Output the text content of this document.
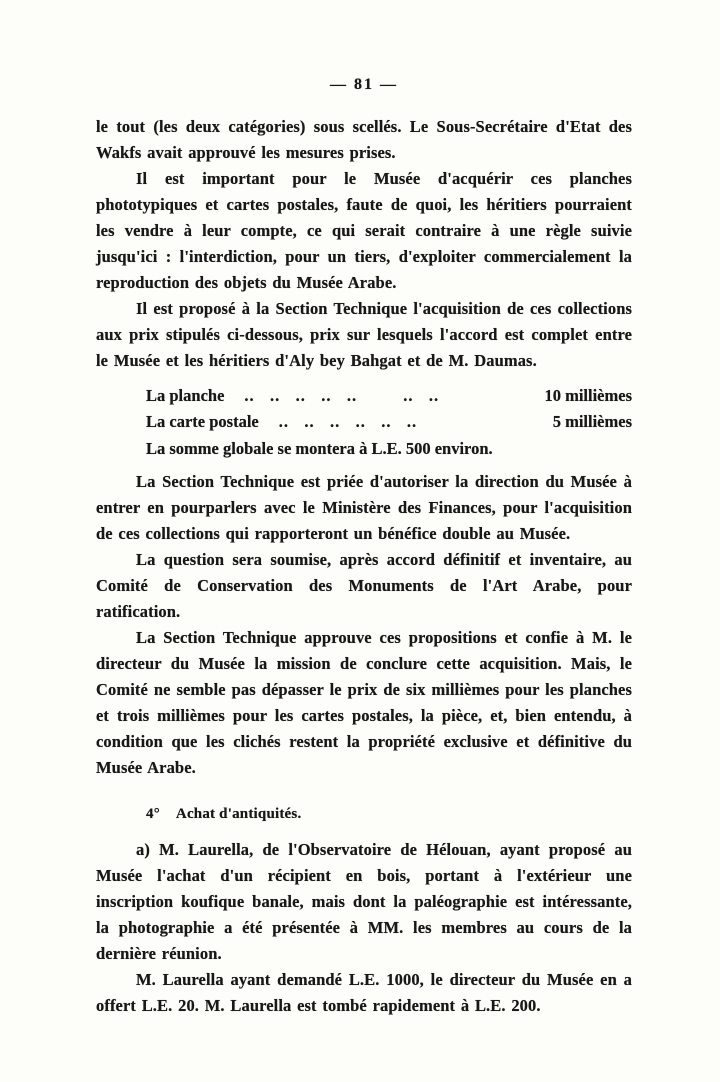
— 81 —

le tout (les deux catégories) sous scellés. Le Sous-Secrétaire d'Etat des Wakfs avait approuvé les mesures prises.

Il est important pour le Musée d'acquérir ces planches phototypiques et cartes postales, faute de quoi, les héritiers pourraient les vendre à leur compte, ce qui serait contraire à une règle suivie jusqu'ici : l'interdiction, pour un tiers, d'exploiter commercialement la reproduction des objets du Musée Arabe.

Il est proposé à la Section Technique l'acquisition de ces collections aux prix stipulés ci-dessous, prix sur lesquels l'accord est complet entre le Musée et les héritiers d'Aly bey Bahgat et de M. Daumas.

La planche ..   ..   ..   ..   ..         ..   ..	10 millièmes
La carte postale ..   ..   ..   ..   ..   ..	5 millièmes
La somme globale se montera à L.E. 500 environ.

La Section Technique est priée d'autoriser la direction du Musée à entrer en pourparlers avec le Ministère des Finances, pour l'acquisition de ces collections qui rapporteront un bénéfice double au Musée.

La question sera soumise, après accord définitif et inventaire, au Comité de Conservation des Monuments de l'Art Arabe, pour ratification.

La Section Technique approuve ces propositions et confie à M. le directeur du Musée la mission de conclure cette acquisition. Mais, le Comité ne semble pas dépasser le prix de six millièmes pour les planches et trois millièmes pour les cartes postales, la pièce, et, bien entendu, à condition que les clichés restent la propriété exclusive et définitive du Musée Arabe.

4° Achat d'antiquités.

a) M. Laurella, de l'Observatoire de Hélouan, ayant proposé au Musée l'achat d'un récipient en bois, portant à l'extérieur une inscription koufique banale, mais dont la paléographie est intéressante, la photographie a été présentée à MM. les membres au cours de la dernière réunion.

M. Laurella ayant demandé L.E. 1000, le directeur du Musée en a offert L.E. 20. M. Laurella est tombé rapidement à L.E. 200.
